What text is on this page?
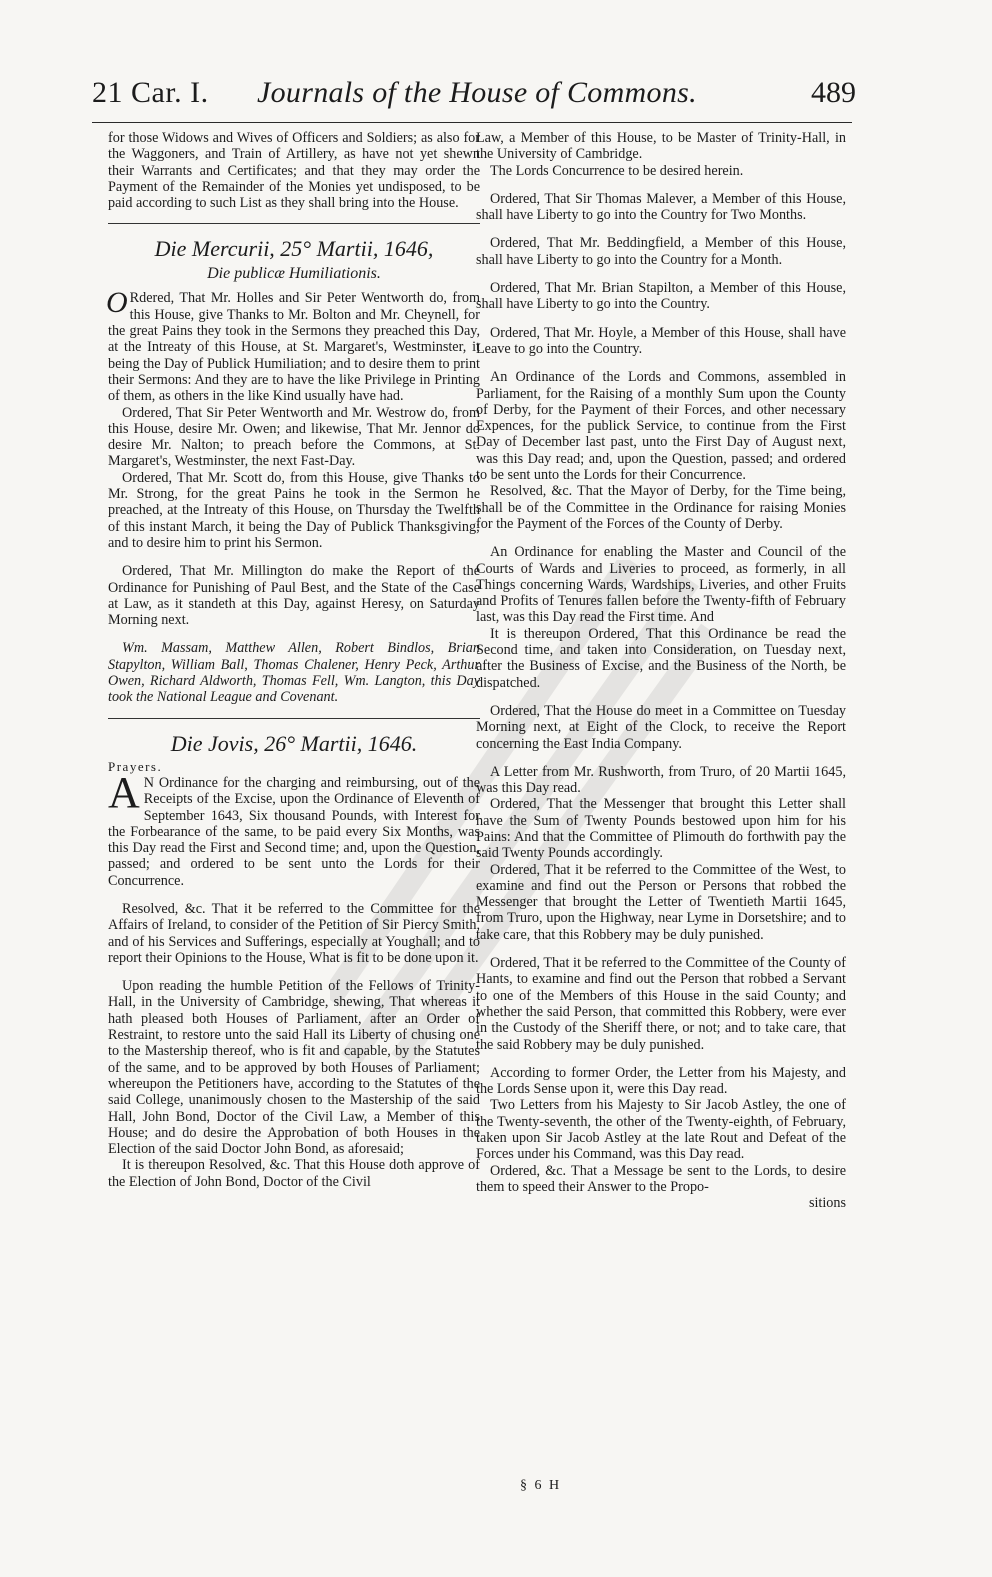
21 Car. I. Journals of the House of Commons.	489

for those Widows and Wives of Officers and Soldiers; as also for the Waggoners, and Train of Artillery, as have not yet shewn their Warrants and Certificates; and that they may order the Payment of the Remainder of the Monies yet undisposed, to be paid according to such List as they shall bring into the House.

Die Mercurii, 25° Martii, 1646,
Die publicæ Humiliationis.

O Rdered, That Mr. Holles and Sir Peter Wentworth do, from this House, give Thanks to Mr. Bolton and Mr. Cheynell, for the great Pains they took in the Sermons they preached this Day, at the Intreaty of this House, at St. Margaret's, Westminster, it being the Day of Publick Humiliation; and to desire them to print their Sermons: And they are to have the like Privilege in Printing of them, as others in the like Kind usually have had.

Ordered, That Sir Peter Wentworth and Mr. Westrow do, from this House, desire Mr. Owen; and likewise, That Mr. Jennor do desire Mr. Nalton; to preach before the Commons, at St. Margaret's, Westminster, the next Fast-Day.

Ordered, That Mr. Scott do, from this House, give Thanks to Mr. Strong, for the great Pains he took in the Sermon he preached, at the Intreaty of this House, on Thursday the Twelfth of this instant March, it being the Day of Publick Thanksgiving; and to desire him to print his Sermon.

Ordered, That Mr. Millington do make the Report of the Ordinance for Punishing of Paul Best, and the State of the Case at Law, as it standeth at this Day, against Heresy, on Saturday Morning next.

Wm. Massam, Matthew Allen, Robert Bindlos, Brian Stapylton, William Ball, Thomas Chalener, Henry Peck, Arthur Owen, Richard Aldworth, Thomas Fell, Wm. Langton, this Day took the National League and Covenant.

Die Jovis, 26° Martii, 1646.

Prayers.

A N Ordinance for the charging and reimbursing, out of the Receipts of the Excise, upon the Ordinance of Eleventh of September 1643, Six thousand Pounds, with Interest for the Forbearance of the same, to be paid every Six Months, was this Day read the First and Second time; and, upon the Question, passed; and ordered to be sent unto the Lords for their Concurrence.

Resolved, &c. That it be referred to the Committee for the Affairs of Ireland, to consider of the Petition of Sir Piercy Smith, and of his Services and Sufferings, especially at Youghall; and to report their Opinions to the House, What is fit to be done upon it.

Upon reading the humble Petition of the Fellows of Trinity-Hall, in the University of Cambridge, shewing, That whereas it hath pleased both Houses of Parliament, after an Order of Restraint, to restore unto the said Hall its Liberty of chusing one to the Mastership thereof, who is fit and capable, by the Statutes of the same, and to be approved by both Houses of Parliament; whereupon the Petitioners have, according to the Statutes of the said College, unanimously chosen to the Mastership of the said Hall, John Bond, Doctor of the Civil Law, a Member of this House; and do desire the Approbation of both Houses in the Election of the said Doctor John Bond, as aforesaid;

It is thereupon Resolved, &c. That this House doth approve of the Election of John Bond, Doctor of the Civil

Law, a Member of this House, to be Master of Trinity-Hall, in the University of Cambridge.

The Lords Concurrence to be desired herein.

Ordered, That Sir Thomas Malever, a Member of this House, shall have Liberty to go into the Country for Two Months.

Ordered, That Mr. Beddingfield, a Member of this House, shall have Liberty to go into the Country for a Month.

Ordered, That Mr. Brian Stapilton, a Member of this House, shall have Liberty to go into the Country.

Ordered, That Mr. Hoyle, a Member of this House, shall have Leave to go into the Country.

An Ordinance of the Lords and Commons, assembled in Parliament, for the Raising of a monthly Sum upon the County of Derby, for the Payment of their Forces, and other necessary Expences, for the publick Service, to continue from the First Day of December last past, unto the First Day of August next, was this Day read; and, upon the Question, passed; and ordered to be sent unto the Lords for their Concurrence.

Resolved, &c. That the Mayor of Derby, for the Time being, shall be of the Committee in the Ordinance for raising Monies for the Payment of the Forces of the County of Derby.

An Ordinance for enabling the Master and Council of the Courts of Wards and Liveries to proceed, as formerly, in all Things concerning Wards, Wardships, Liveries, and other Fruits and Profits of Tenures fallen before the Twenty-fifth of February last, was this Day read the First time. And

It is thereupon Ordered, That this Ordinance be read the Second time, and taken into Consideration, on Tuesday next, after the Business of Excise, and the Business of the North, be dispatched.

Ordered, That the House do meet in a Committee on Tuesday Morning next, at Eight of the Clock, to receive the Report concerning the East India Company.

A Letter from Mr. Rushworth, from Truro, of 20 Martii 1645, was this Day read.

Ordered, That the Messenger that brought this Letter shall have the Sum of Twenty Pounds bestowed upon him for his Pains: And that the Committee of Plimouth do forthwith pay the said Twenty Pounds accordingly.

Ordered, That it be referred to the Committee of the West, to examine and find out the Person or Persons that robbed the Messenger that brought the Letter of Twentieth Martii 1645, from Truro, upon the Highway, near Lyme in Dorsetshire; and to take care, that this Robbery may be duly punished.

Ordered, That it be referred to the Committee of the County of Hants, to examine and find out the Person that robbed a Servant to one of the Members of this House in the said County; and whether the said Person, that committed this Robbery, were ever in the Custody of the Sheriff there, or not; and to take care, that the said Robbery may be duly punished.

According to former Order, the Letter from his Majesty, and the Lords Sense upon it, were this Day read.

Two Letters from his Majesty to Sir Jacob Astley, the one of the Twenty-seventh, the other of the Twenty-eighth, of February, taken upon Sir Jacob Astley at the late Rout and Defeat of the Forces under his Command, was this Day read.

Ordered, &c. That a Message be sent to the Lords, to desire them to speed their Answer to the Propo-

sitions

§ 6 H
